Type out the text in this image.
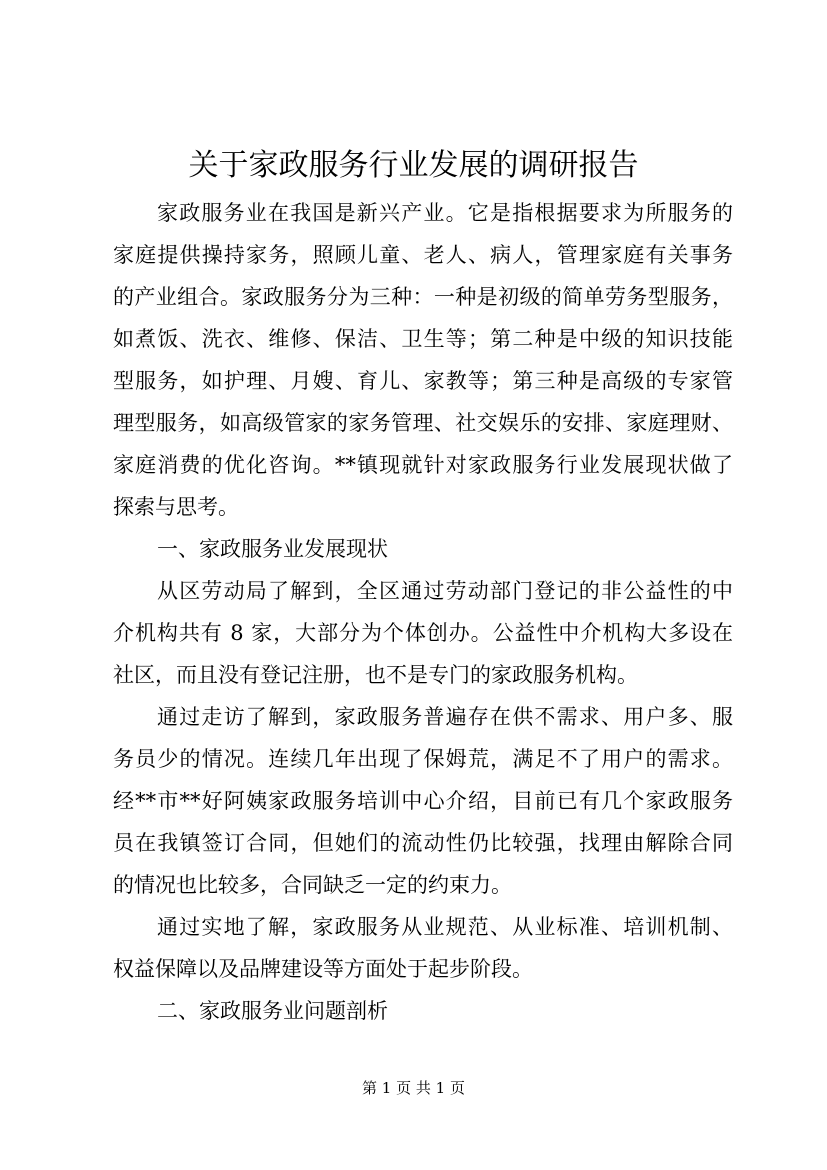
关于家政服务行业发展的调研报告
家政服务业在我国是新兴产业。它是指根据要求为所服务的
家庭提供操持家务，照顾儿童、老人、病人，管理家庭有关事务
的产业组合。家政服务分为三种：一种是初级的简单劳务型服务，
如煮饭、洗衣、维修、保洁、卫生等；第二种是中级的知识技能
型服务，如护理、月嫂、育儿、家教等；第三种是高级的专家管
理型服务，如高级管家的家务管理、社交娱乐的安排、家庭理财、
家庭消费的优化咨询。**镇现就针对家政服务行业发展现状做了
探索与思考。
一、家政服务业发展现状
从区劳动局了解到，全区通过劳动部门登记的非公益性的中
介机构共有 8 家，大部分为个体创办。公益性中介机构大多设在
社区，而且没有登记注册，也不是专门的家政服务机构。
通过走访了解到，家政服务普遍存在供不需求、用户多、服
务员少的情况。连续几年出现了保姆荒，满足不了用户的需求。
经**市**好阿姨家政服务培训中心介绍，目前已有几个家政服务
员在我镇签订合同，但她们的流动性仍比较强，找理由解除合同
的情况也比较多，合同缺乏一定的约束力。
通过实地了解，家政服务从业规范、从业标准、培训机制、
权益保障以及品牌建设等方面处于起步阶段。
二、家政服务业问题剖析
第 1 页 共 1 页
